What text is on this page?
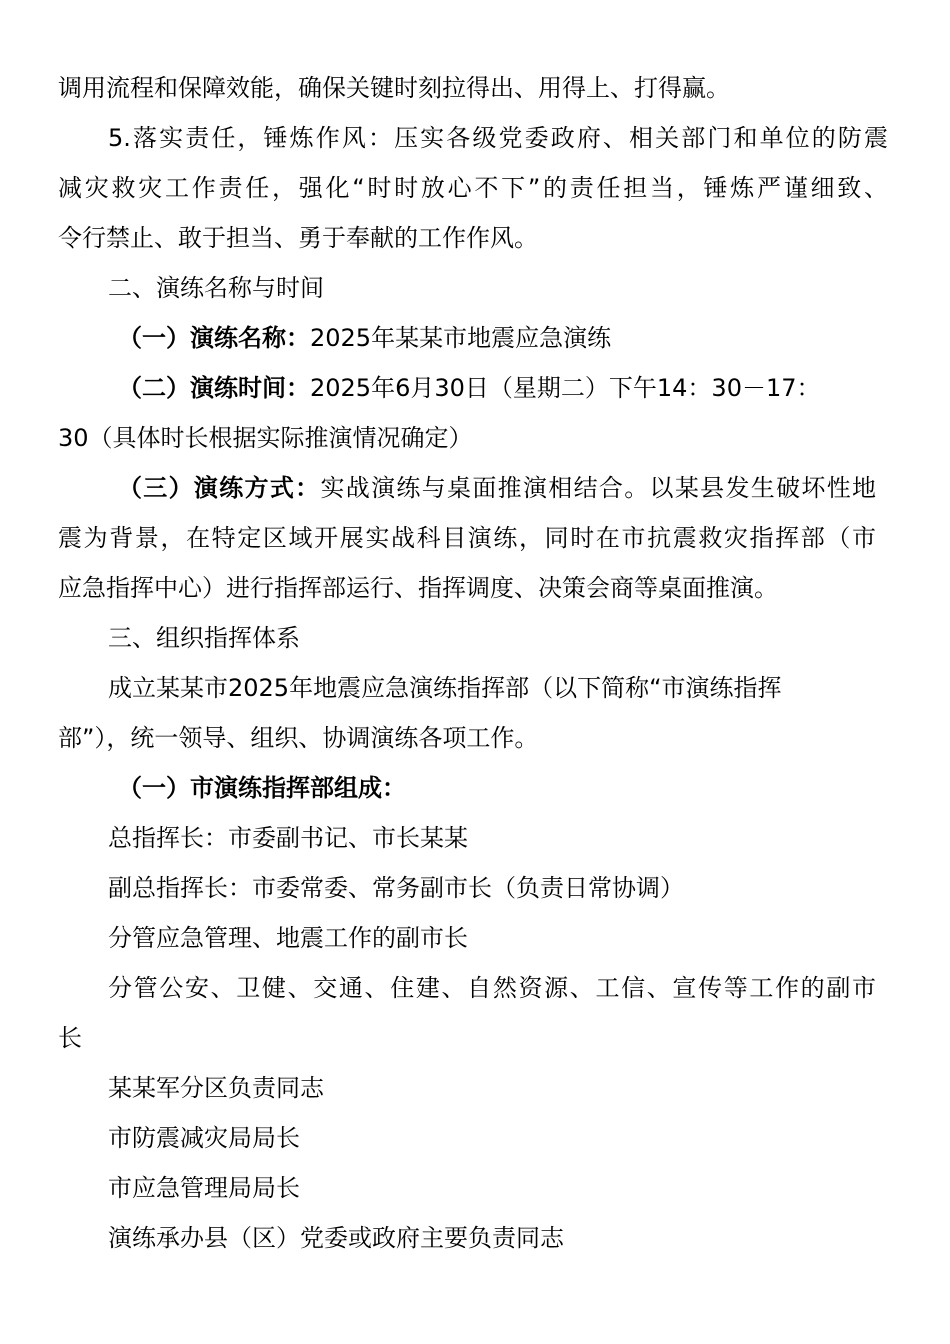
调用流程和保障效能，确保关键时刻拉得出、用得上、打得赢。
5.落实责任，锤炼作风：压实各级党委政府、相关部门和单位的防震
减灾救灾工作责任，强化“时时放心不下”的责任担当，锤炼严谨细致、
令行禁止、敢于担当、勇于奉献的工作作风。
二、演练名称与时间
（一）演练名称：2025年某某市地震应急演练
（二）演练时间：2025年6月30日（星期二）下午14：30－17：
30（具体时长根据实际推演情况确定）
（三）演练方式：实战演练与桌面推演相结合。以某县发生破坏性地
震为背景，在特定区域开展实战科目演练，同时在市抗震救灾指挥部（市
应急指挥中心）进行指挥部运行、指挥调度、决策会商等桌面推演。
三、组织指挥体系
成立某某市2025年地震应急演练指挥部（以下简称“市演练指挥
部”），统一领导、组织、协调演练各项工作。
（一）市演练指挥部组成：
总指挥长：市委副书记、市长某某
副总指挥长：市委常委、常务副市长（负责日常协调）
分管应急管理、地震工作的副市长
分管公安、卫健、交通、住建、自然资源、工信、宣传等工作的副市
长
某某军分区负责同志
市防震减灾局局长
市应急管理局局长
演练承办县（区）党委或政府主要负责同志
